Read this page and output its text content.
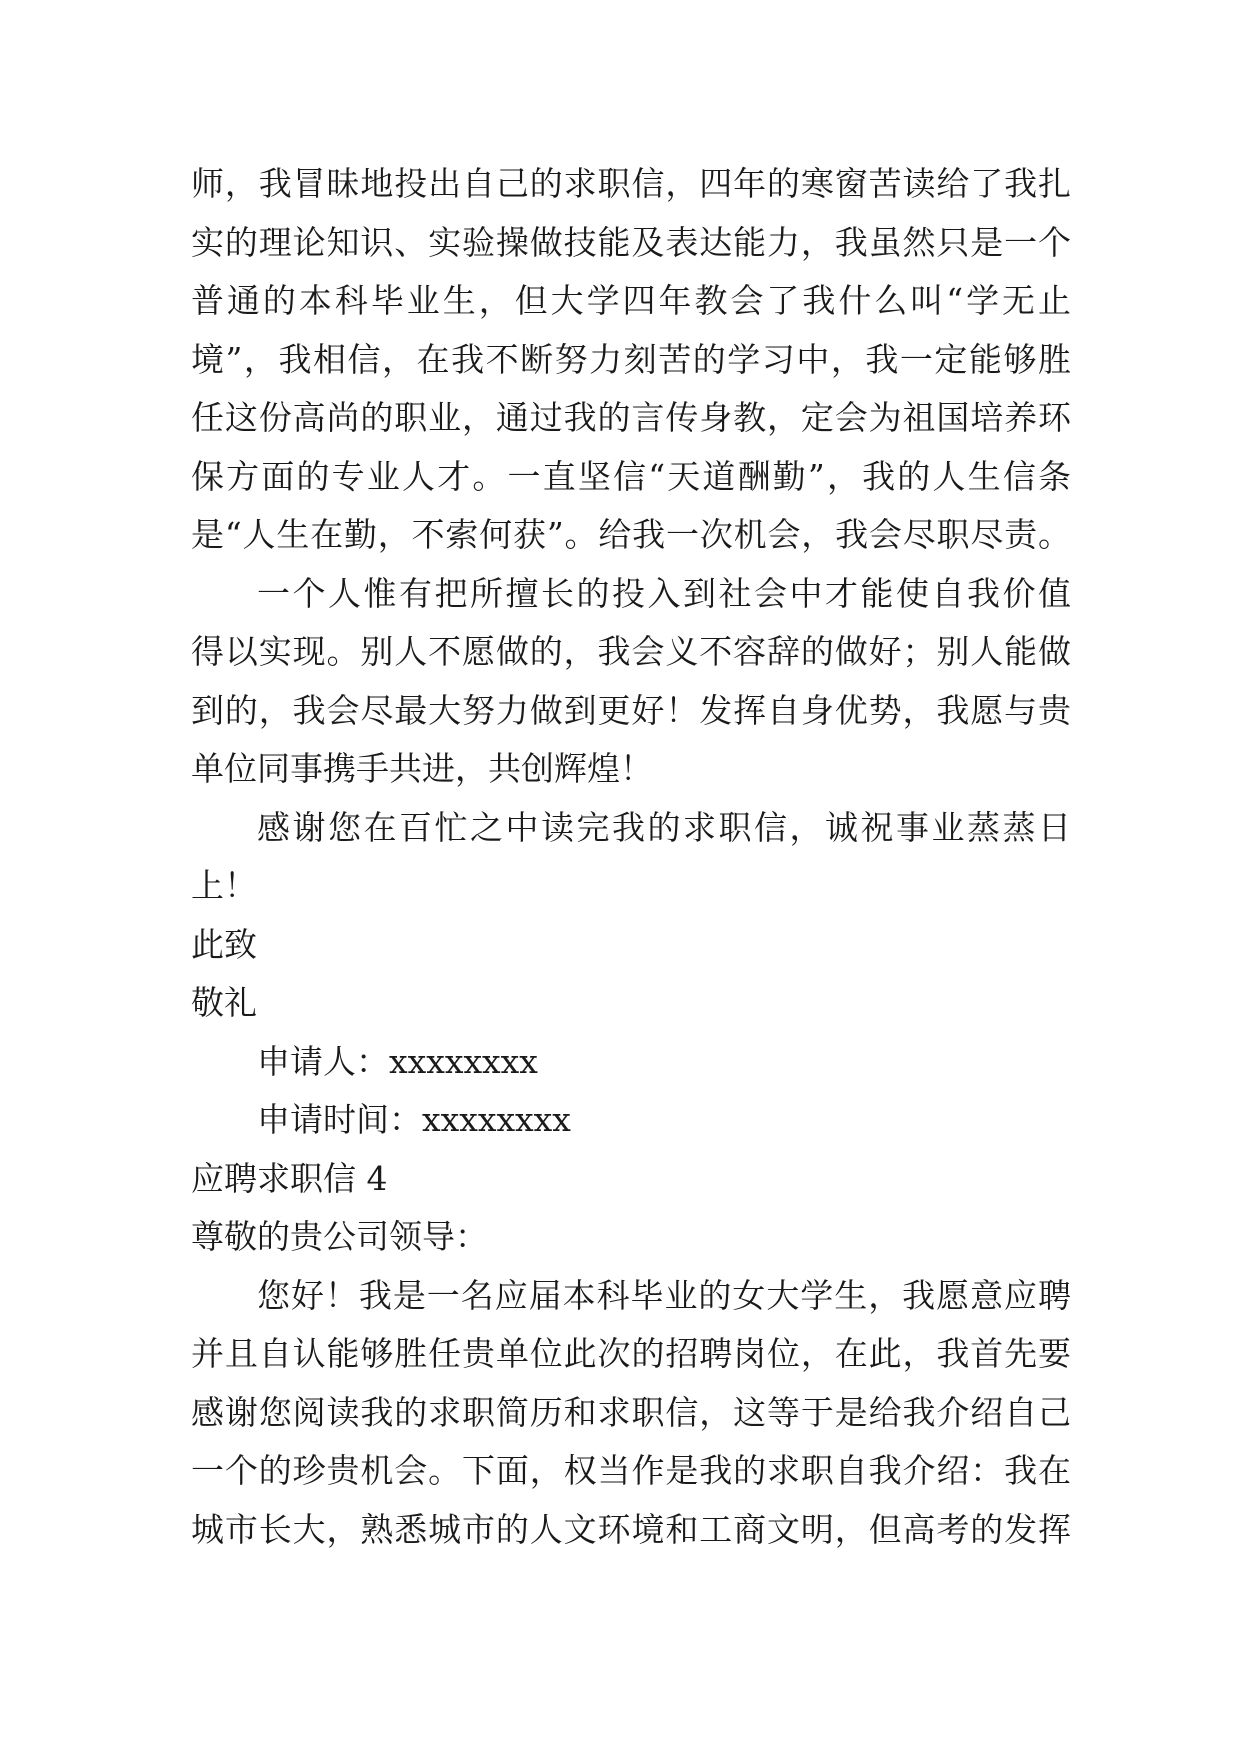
师，我冒昧地投出自己的求职信，四年的寒窗苦读给了我扎
实的理论知识、实验操做技能及表达能力，我虽然只是一个
普通的本科毕业生，但大学四年教会了我什么叫“学无止
境”，我相信，在我不断努力刻苦的学习中，我一定能够胜
任这份高尚的职业，通过我的言传身教，定会为祖国培养环
保方面的专业人才。一直坚信“天道酬勤”，我的人生信条
是“人生在勤，不索何获”。给我一次机会，我会尽职尽责。
一个人惟有把所擅长的投入到社会中才能使自我价值
得以实现。别人不愿做的，我会义不容辞的做好；别人能做
到的，我会尽最大努力做到更好！发挥自身优势，我愿与贵
单位同事携手共进，共创辉煌！
感谢您在百忙之中读完我的求职信，诚祝事业蒸蒸日
上！
此致
敬礼
申请人：xxxxxxxx
申请时间：xxxxxxxx
应聘求职信 4
尊敬的贵公司领导：
您好！我是一名应届本科毕业的女大学生，我愿意应聘
并且自认能够胜任贵单位此次的招聘岗位，在此，我首先要
感谢您阅读我的求职简历和求职信，这等于是给我介绍自己
一个的珍贵机会。下面，权当作是我的求职自我介绍：我在
城市长大，熟悉城市的人文环境和工商文明，但高考的发挥
